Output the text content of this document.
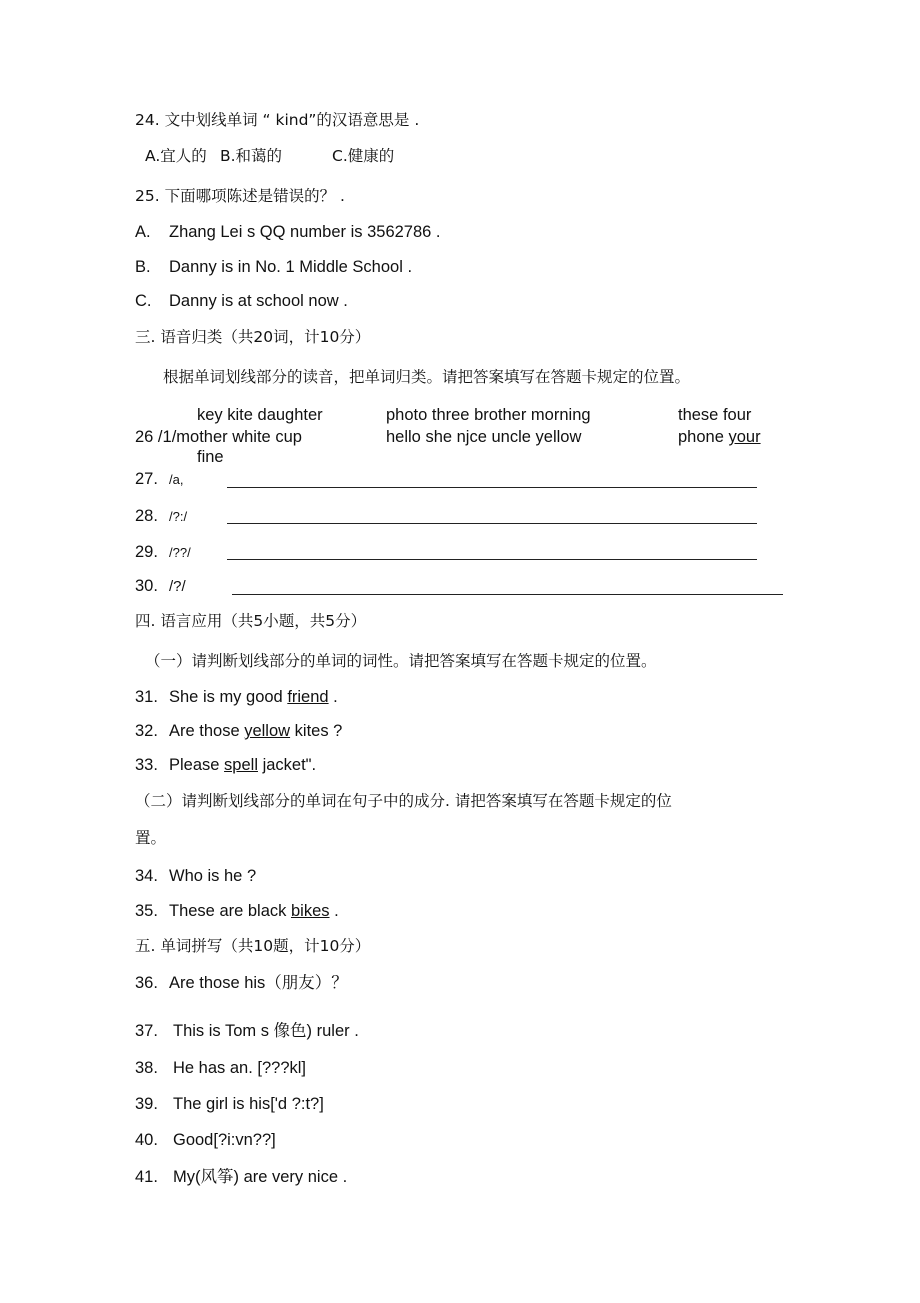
24. 文中划线单词 “ kind”的汉语意思是 .
A.宜人的 B.和蔼的	C.健康的
25. 下面哪项陈述是错误的？ .
A. Zhang Lei s QQ number is 3562786 .
B. Danny is in No. 1 Middle School .
C. Danny is at school now .
三. 语音归类（共20词，计10分）
根据单词划线部分的读音，把单词归类。请把答案填写在答题卡规定的位置。
key kite daughter
26 /1/mother white cup
fine
photo three brother morning
hello she njce uncle yellow
these four
phone your
27. /a,
28. /?:/
29. /??/
30. /?/
四. 语言应用（共5小题，共5分）
（一）请判断划线部分的单词的词性。请把答案填写在答题卡规定的位置。
31. She is my good friend .
32. Are those yellow kites ?
33. Please spell jacket".
（二）请判断划线部分的单词在句子中的成分. 请把答案填写在答题卡规定的位
置。
34. Who is he ?
35. These are black bikes .
五. 单词拼写（共10题，计10分）
36. Are those his（朋友）？
37. This is Tom s 像色) ruler .
38. He has an. [???kl]
39. The girl is his['d ?:t?]
40. Good[?i:vn??]
41. My(风筝) are very nice .
